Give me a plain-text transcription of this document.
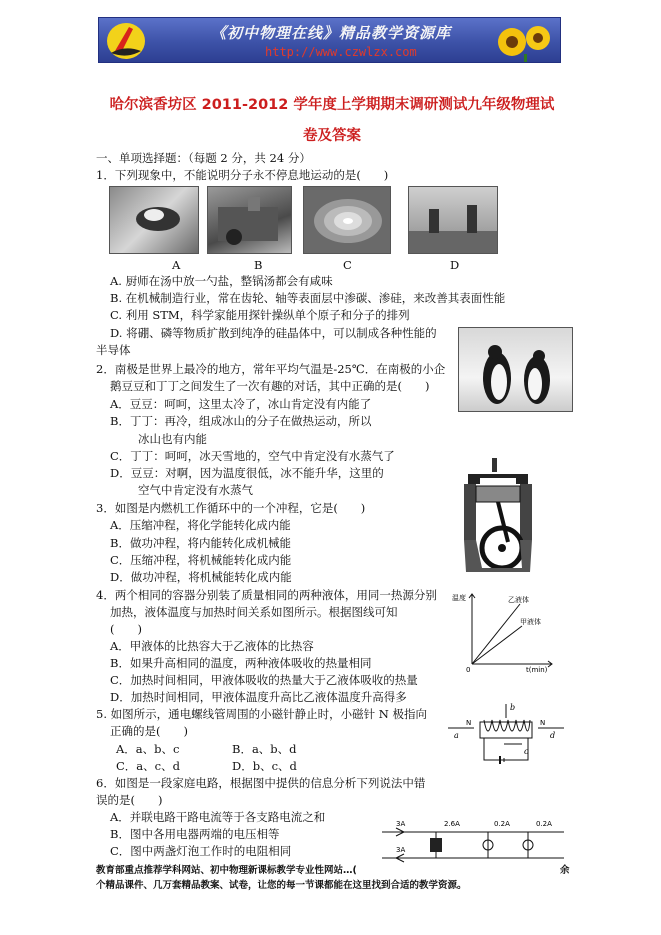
《初中物理在线》精品教学资源库
http://www.czwlzx.com
哈尔滨香坊区 2011-2012 学年度上学期期末调研测试九年级物理试
卷及答案
一、单项选择题：（每题 2 分，共 24 分）
1．下列现象中，不能说明分子永不停息地运动的是(　　)
A	B	C	D
A. 厨师在汤中放一勺盐，整锅汤都会有咸味
B. 在机械制造行业，常在齿轮、轴等表面层中渗碳、渗硅，来改善其表面性能
C. 利用 STM，科学家能用探针操纵单个原子和分子的排列
D. 将硼、磷等物质扩散到纯净的硅晶体中，可以制成各种性能的
半导体
2．南极是世界上最冷的地方，常年平均气温是-25℃．在南极的小企
鹅豆豆和丁丁之间发生了一次有趣的对话，其中正确的是(　　)
A．豆豆：呵呵，这里太冷了，冰山肯定没有内能了
B．丁丁：再冷，组成冰山的分子在做热运动，所以
冰山也有内能
C．丁丁：呵呵，冰天雪地的，空气中肯定没有水蒸气了
D．豆豆：对啊，因为温度很低，冰不能升华，这里的
空气中肯定没有水蒸气
3．如图是内燃机工作循环中的一个冲程，它是(　　)
A．压缩冲程，将化学能转化成内能
B．做功冲程，将内能转化成机械能
C．压缩冲程，将机械能转化成内能
D．做功冲程，将机械能转化成内能
4．两个相同的容器分别装了质量相同的两种液体，用同一热源分别
加热，液体温度与加热时间关系如图所示。根据图线可知
(　　)
A．甲液体的比热容大于乙液体的比热容
B．如果升高相同的温度，两种液体吸收的热量相同
C．加热时间相同，甲液体吸收的热量大于乙液体吸收的热量
D．加热时间相同，甲液体温度升高比乙液体温度升高得多
温度
t(min)
0
乙液体
甲液体
5. 如图所示，通电螺线管周围的小磁针静止时，小磁针 N 极指向
正确的是(　　)
A．a、b、c	B．a、b、d
C．a、c、d	D．b、c、d
a
b
c
d
N	N
6．如图是一段家庭电路，根据图中提供的信息分析下列说法中错
误的是(　　)
A．并联电路干路电流等于各支路电流之和
B．图中各用电器两端的电压相等
C．图中两盏灯泡工作时的电阻相同
3A
3A
2.6A	0.2A	0.2A
教育部重点推荐学科网站、初中物理新课标教学专业性网站…(	余
个精品课件、几万套精品教案、试卷，让您的每一节课都能在这里找到合适的教学资源。
